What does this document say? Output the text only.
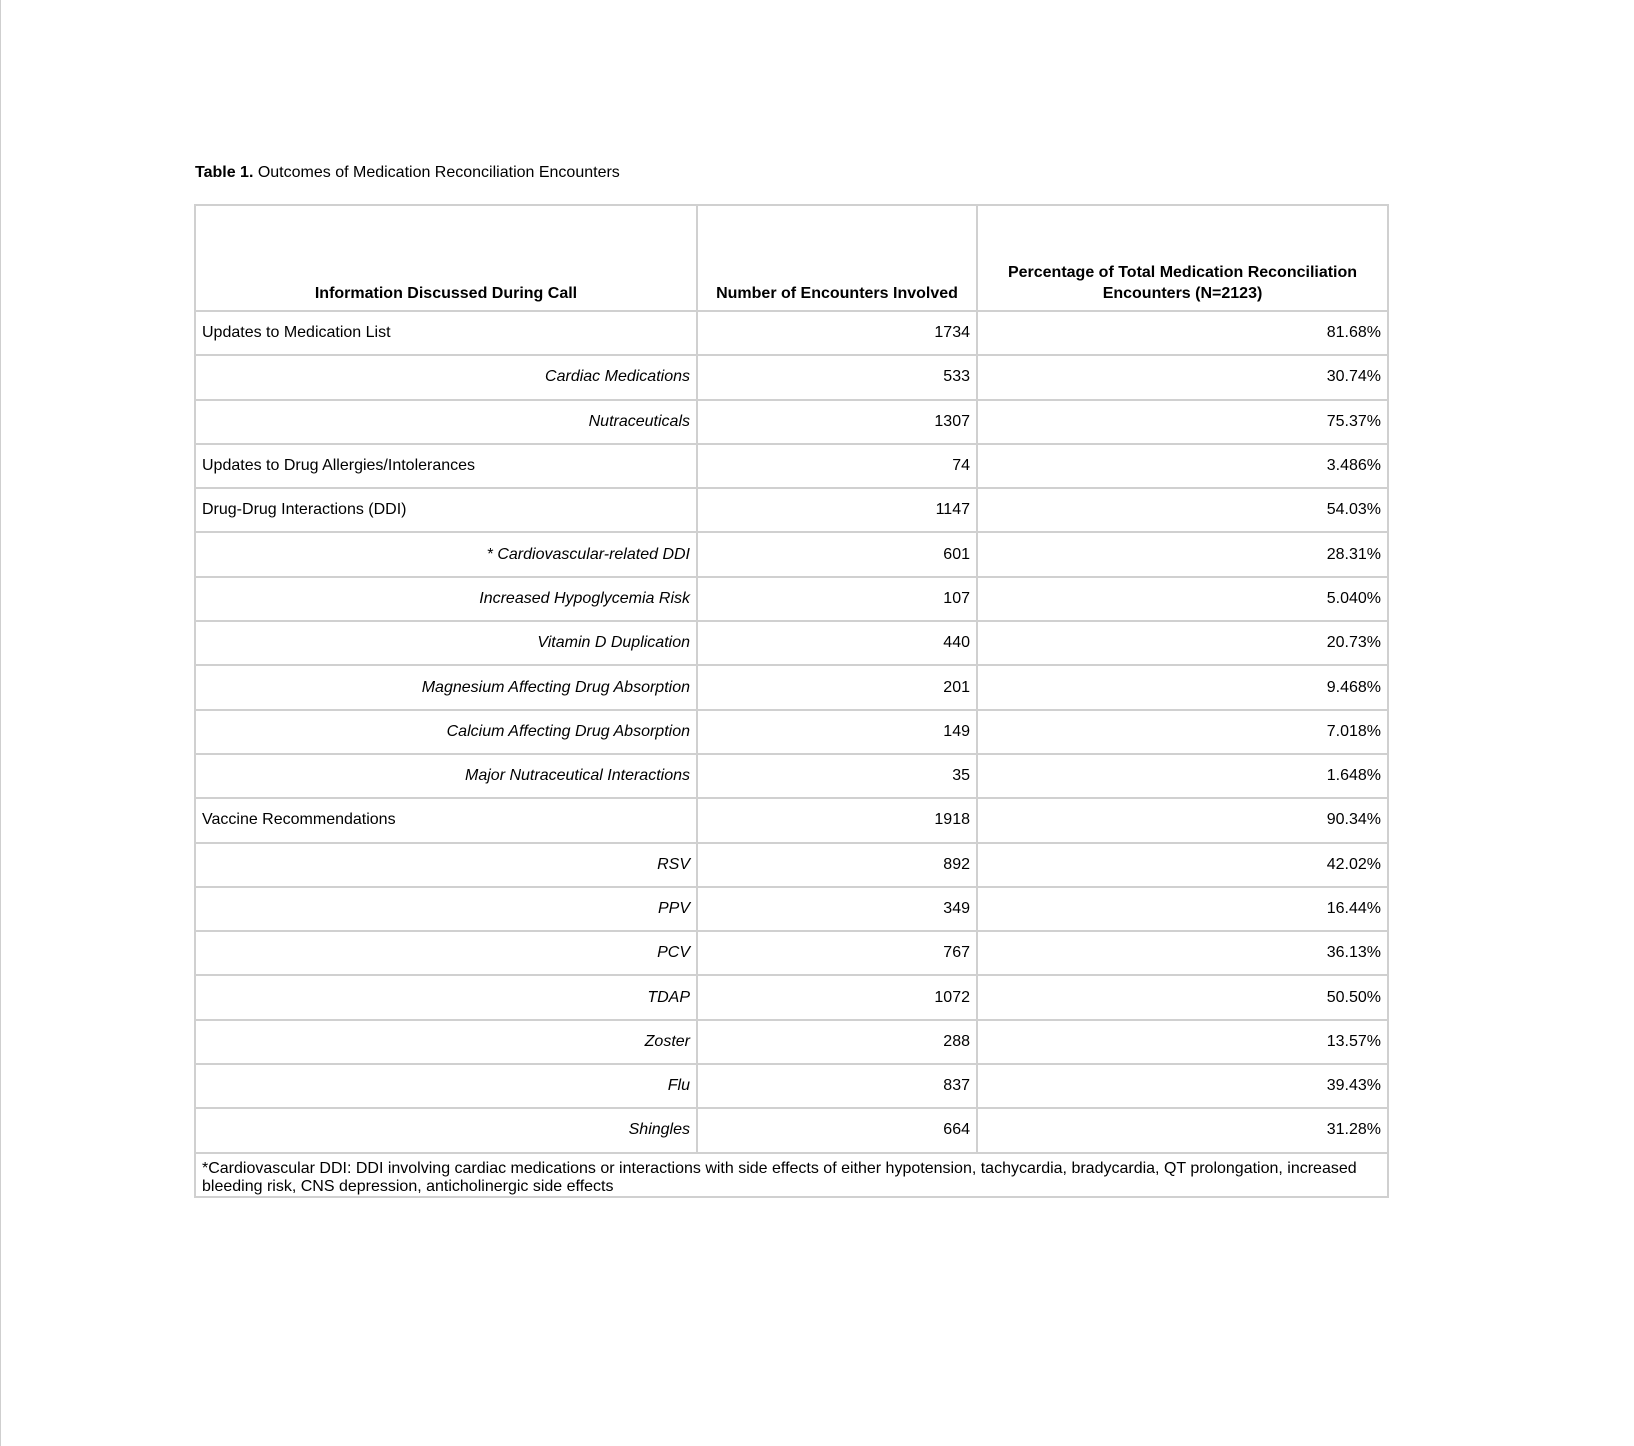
Table 1. Outcomes of Medication Reconciliation Encounters
Information Discussed During Call	Number of Encounters Involved	Percentage of Total Medication Reconciliation Encounters (N=2123)
Updates to Medication List	1734	81.68%
Cardiac Medications	533	30.74%
Nutraceuticals	1307	75.37%
Updates to Drug Allergies/Intolerances	74	3.486%
Drug-Drug Interactions (DDI)	1147	54.03%
* Cardiovascular-related DDI	601	28.31%
Increased Hypoglycemia Risk	107	5.040%
Vitamin D Duplication	440	20.73%
Magnesium Affecting Drug Absorption	201	9.468%
Calcium Affecting Drug Absorption	149	7.018%
Major Nutraceutical Interactions	35	1.648%
Vaccine Recommendations	1918	90.34%
RSV	892	42.02%
PPV	349	16.44%
PCV	767	36.13%
TDAP	1072	50.50%
Zoster	288	13.57%
Flu	837	39.43%
Shingles	664	31.28%
*Cardiovascular DDI: DDI involving cardiac medications or interactions with side effects of either hypotension, tachycardia, bradycardia, QT prolongation, increased bleeding risk, CNS depression, anticholinergic side effects		
